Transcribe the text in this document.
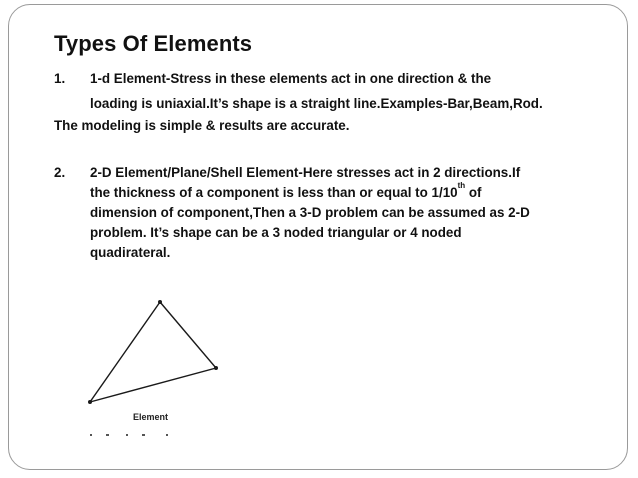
Types Of Elements

1. 1-d Element-Stress in these elements act in one direction & the

loading is uniaxial.It’s shape is a straight line.Examples-Bar,Beam,Rod.

The modeling is simple & results are accurate.

2. 2-D Element/Plane/Shell Element-Here stresses act in 2 directions.If
the thickness of a component is less than or equal to 1/10th of
dimension of component,Then a 3-D problem can be assumed as 2-D
problem. It’s shape can be a 3 noded triangular or 4 noded
quadirateral.
Element
